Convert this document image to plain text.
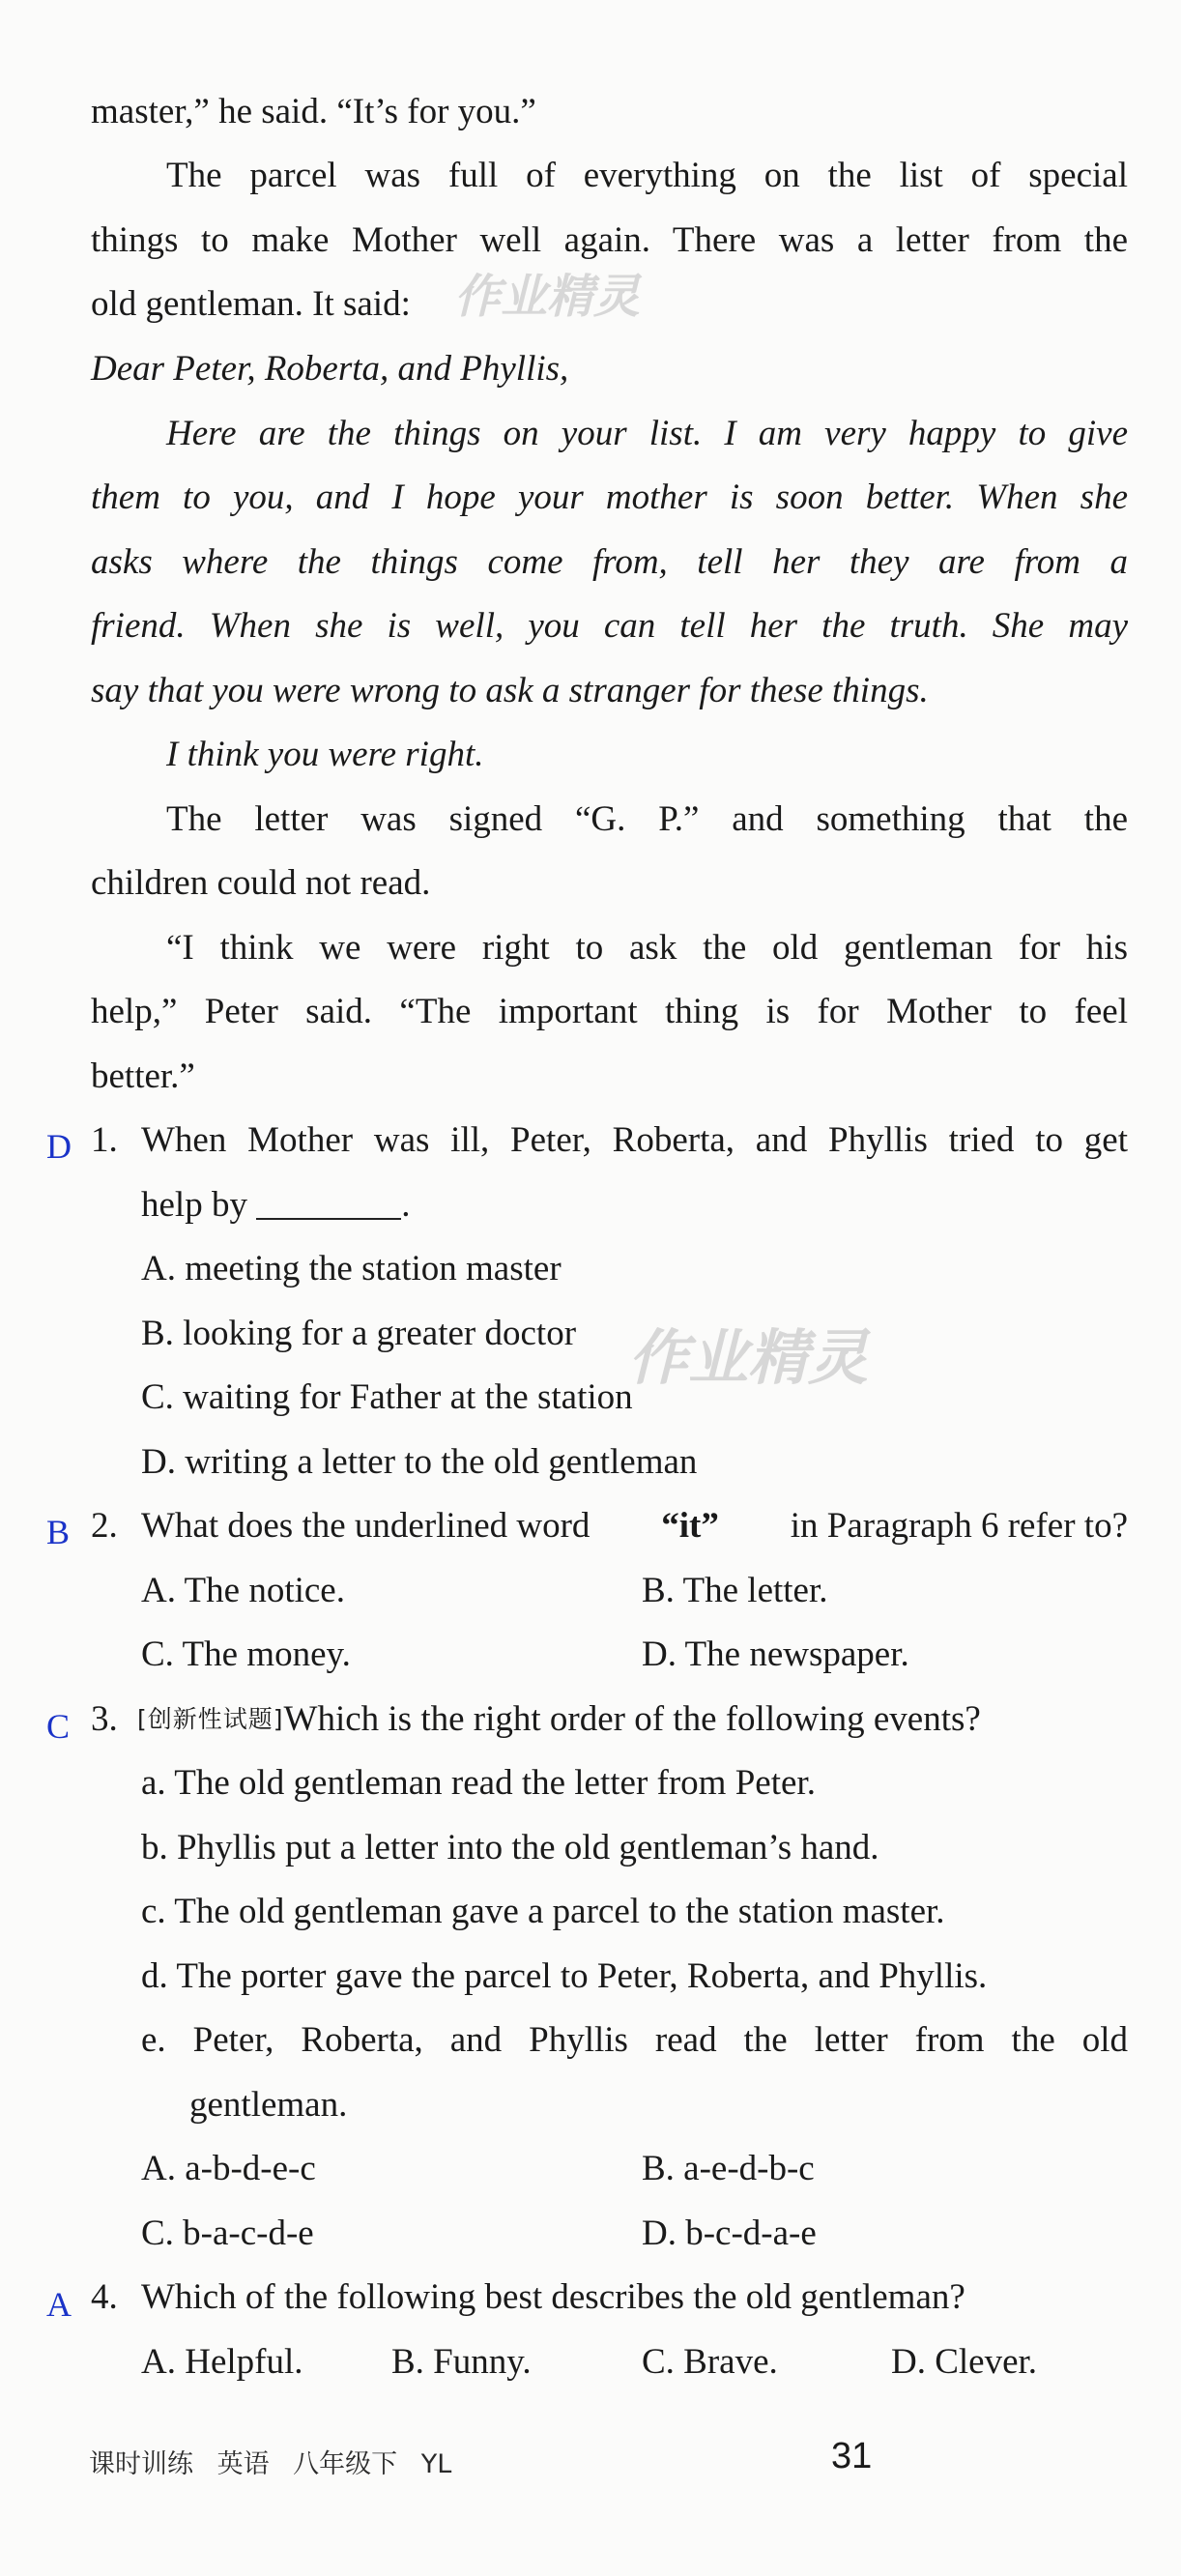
作业精灵
作业精灵
master,” he said. “It’s for you.”
The parcel was full of everything on the list of special
things to make Mother well again. There was a letter from the
old gentleman. It said:
Dear Peter, Roberta, and Phyllis,
Here are the things on your list. I am very happy to give
them to you, and I hope your mother is soon better. When she
asks where the things come from, tell her they are from a
friend. When she is well, you can tell her the truth. She may
say that you were wrong to ask a stranger for these things.
I think you were right.
The letter was signed “G. P.” and something that the
children could not read.
“I think we were right to ask the old gentleman for his
help,” Peter said. “The important thing is for Mother to feel
better.”
D 1. When Mother was ill, Peter, Roberta, and Phyllis tried to get
help by	.
A. meeting the station master
B. looking for a greater doctor
C. waiting for Father at the station
D. writing a letter to the old gentleman
B 2. What does the underlined word “it” in Paragraph 6 refer to?
A. The notice.	B. The letter.
C. The money.	D. The newspaper.
C 3. [创新性试题]Which is the right order of the following events?
a. The old gentleman read the letter from Peter.
b. Phyllis put a letter into the old gentleman’s hand.
c. The old gentleman gave a parcel to the station master.
d. The porter gave the parcel to Peter, Roberta, and Phyllis.
e. Peter, Roberta, and Phyllis read the letter from the old
gentleman.
A. a-b-d-e-c	B. a-e-d-b-c
C. b-a-c-d-e	D. b-c-d-a-e
A 4. Which of the following best describes the old gentleman?
A. Helpful. B. Funny.	C. Brave.	D. Clever.
课时训练 英语 八年级下 YL	31
